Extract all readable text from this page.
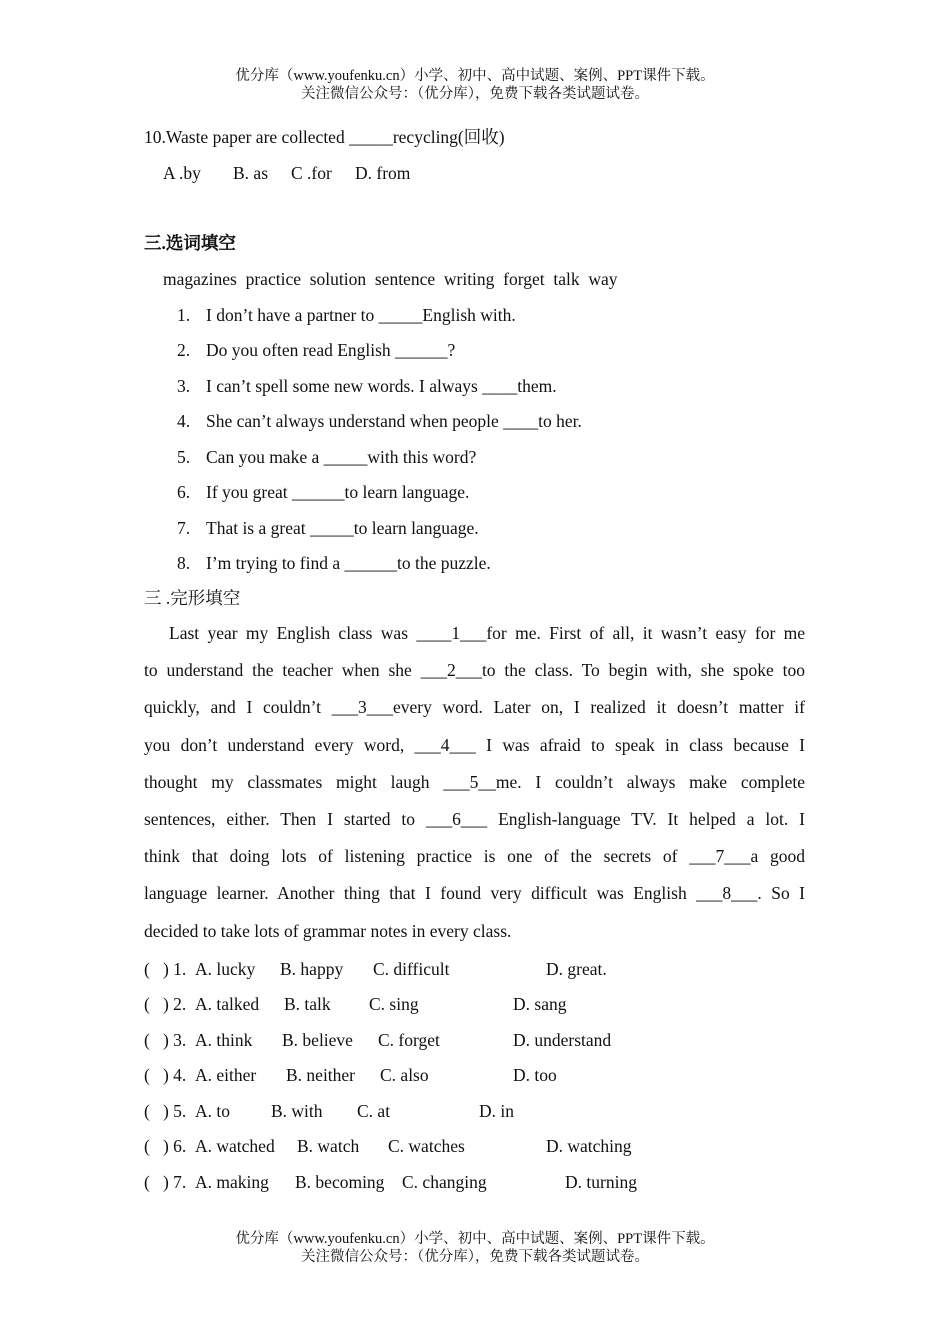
优分库（www.youfenku.cn）小学、初中、高中试题、案例、PPT课件下载。
关注微信公众号：（优分库），免费下载各类试题试卷。
10.Waste paper are collected _____recycling(回收)
A .by B. as C .for D. from
三.选词填空
magazines  practice  solution  sentence  writing  forget  talk  way
1. I don’t have a partner to _____English with.
2. Do you often read English ______?
3. I can’t spell some new words. I always ____them.
4. She can’t always understand when people ____to her.
5. Can you make a _____with this word?
6. If you great ______to learn language.
7. That is a great _____to learn language.
8. I’m trying to find a ______to the puzzle.
三 .完形填空
Last year my English class was ____1___for me. First of all, it wasn’t easy for me
to understand the teacher when she ___2___to the class. To begin with, she spoke too
quickly, and I couldn’t ___3___every word. Later on, I realized it doesn’t matter if
you don’t understand every word, ___4___ I was afraid to speak in class because I
thought my classmates might laugh ___5__me. I couldn’t always make complete
sentences, either. Then I started to ___6___ English-language TV. It helped a lot. I
think that doing lots of listening practice is one of the secrets of ___7___a good
language learner. Another thing that I found very difficult was English ___8___. So I
decided to take lots of grammar notes in every class.
(   ) 1. A. lucky B. happy C. difficult	D. great.
(   ) 2. A. talked B. talk C. sing	D. sang
(   ) 3. A. think B. believe C. forget	D. understand
(   ) 4. A. either B. neither C. also	D. too
(   ) 5. A. to B. with C. at	D. in
(   ) 6. A. watched B. watch C. watches	D. watching
(   ) 7. A. making B. becoming C. changing	D. turning
优分库（www.youfenku.cn）小学、初中、高中试题、案例、PPT课件下载。
关注微信公众号：（优分库），免费下载各类试题试卷。
